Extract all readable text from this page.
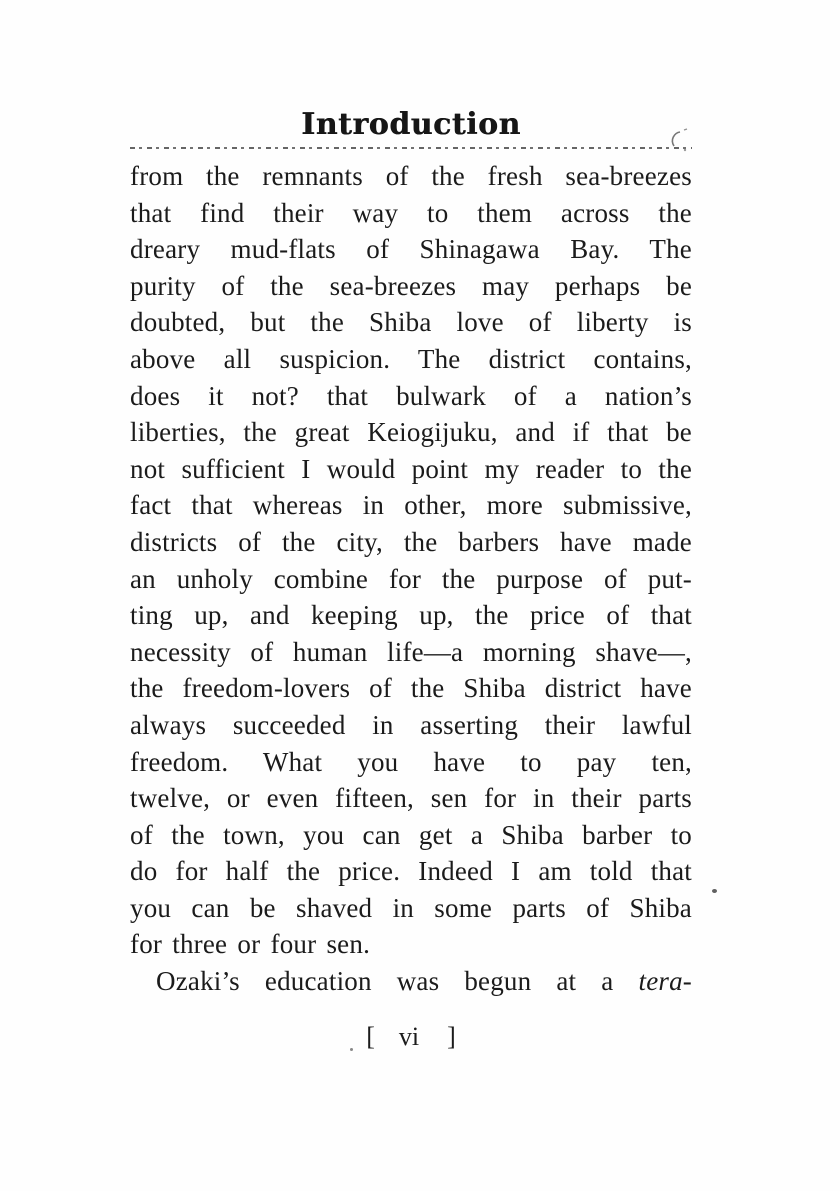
Introduction
from the remnants of the fresh sea-breezes
that find their way to them across the
dreary mud-flats of Shinagawa Bay. The
purity of the sea-breezes may perhaps be
doubted, but the Shiba love of liberty is
above all suspicion. The district contains,
does it not? that bulwark of a nation’s
liberties, the great Keiogijuku, and if that be
not sufficient I would point my reader to the
fact that whereas in other, more submissive,
districts of the city, the barbers have made
an unholy combine for the purpose of put-
ting up, and keeping up, the price of that
necessity of human life—a morning shave—,
the freedom-lovers of the Shiba district have
always succeeded in asserting their lawful
freedom. What you have to pay ten,
twelve, or even fifteen, sen for in their parts
of the town, you can get a Shiba barber to
do for half the price. Indeed I am told that
you can be shaved in some parts of Shiba
for three or four sen.
Ozaki’s education was begun at a tera-
[ vi ]
